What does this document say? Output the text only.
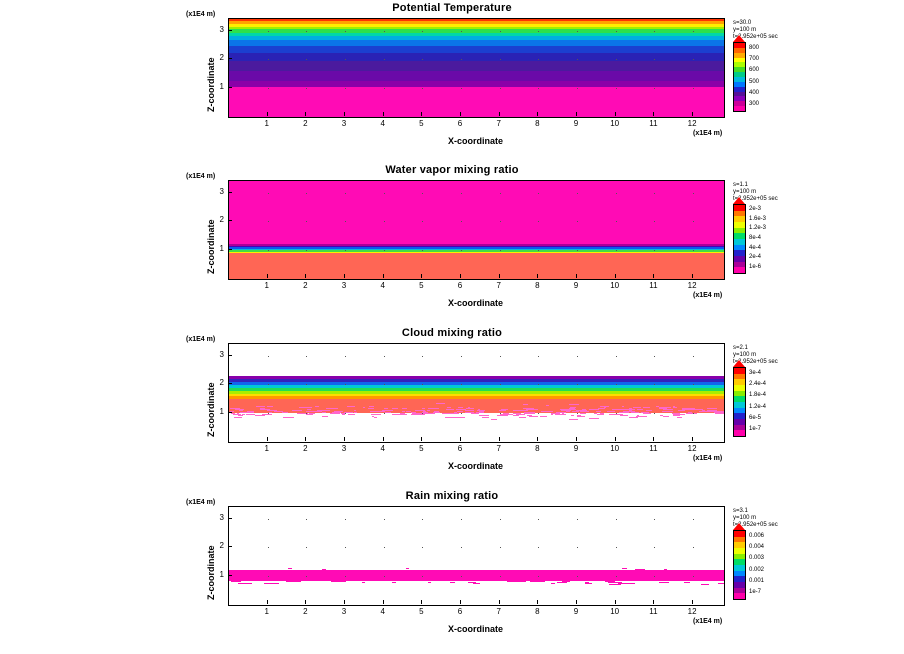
Potential Temperature
(x1E4 m)
1	2	3	4	5	6	7	8	9	10	11	12
1
2
3
Z-coordinate
X-coordinate
(x1E4 m)
s=30.0
y=100 m
t=2.952e+05 sec
800
700
600
500
400
300
Water vapor mixing ratio
(x1E4 m)
1	2	3	4	5	6	7	8	9	10	11	12
1
2
3
Z-coordinate
X-coordinate
(x1E4 m)
s=1.1
y=100 m
t=2.952e+05 sec
2e-3
1.6e-3
1.2e-3
8e-4
4e-4
2e-4
1e-6
Cloud mixing ratio
(x1E4 m)
1	2	3	4	5	6	7	8	9	10	11	12
1
2
3
Z-coordinate
X-coordinate
(x1E4 m)
s=2.1
y=100 m
t=2.952e+05 sec
3e-4
2.4e-4
1.8e-4
1.2e-4
6e-5
1e-7
Rain mixing ratio
(x1E4 m)
1	2	3	4	5	6	7	8	9	10	11	12
1
2
3
Z-coordinate
X-coordinate
(x1E4 m)
s=3.1
y=100 m
t=2.952e+05 sec
0.006
0.004
0.003
0.002
0.001
1e-7
